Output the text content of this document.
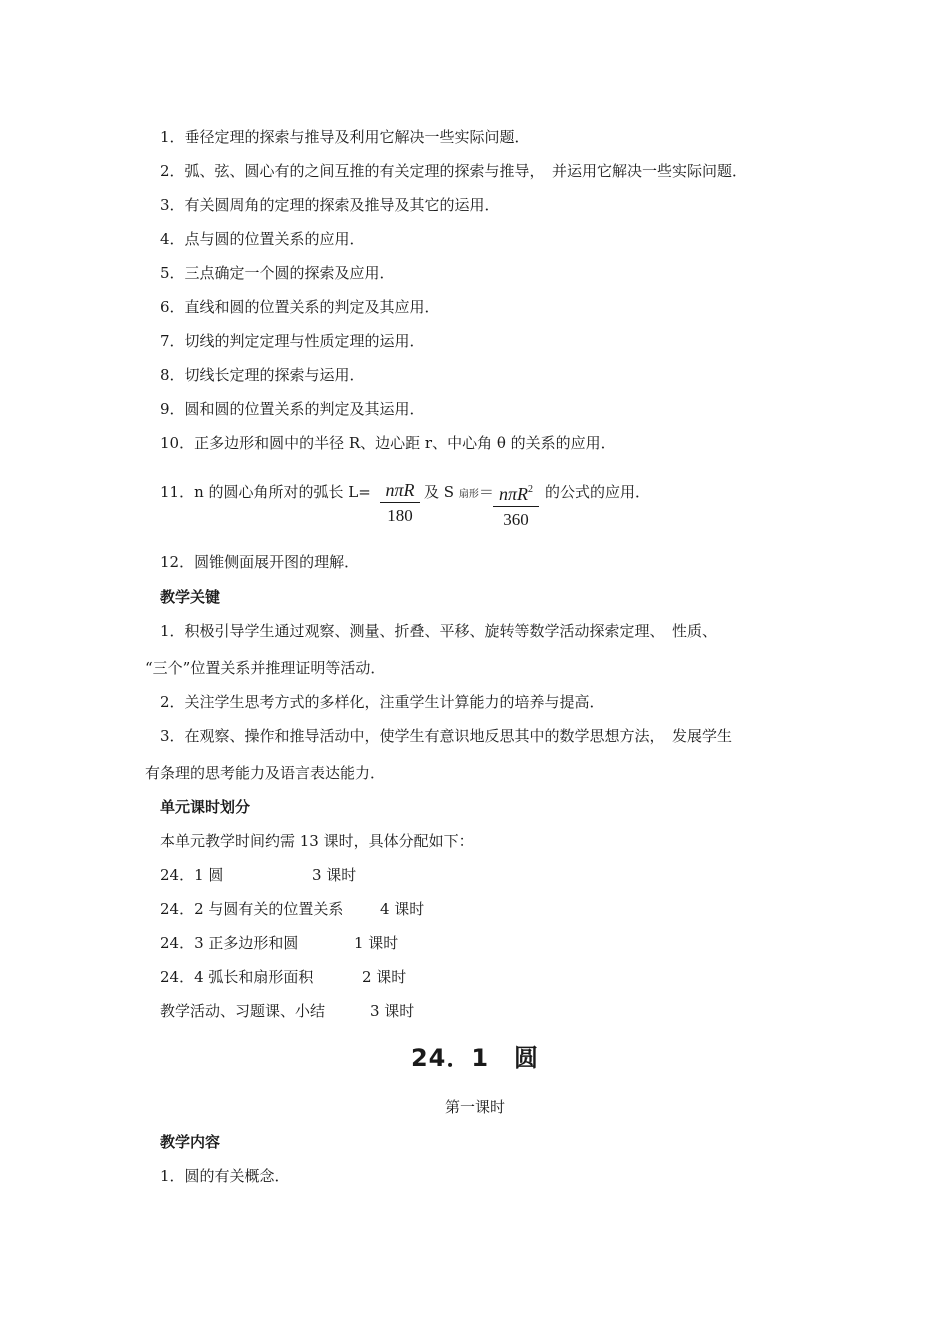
1．垂径定理的探索与推导及利用它解决一些实际问题．
2．弧、弦、圆心有的之间互推的有关定理的探索与推导，　并运用它解决一些实际问题．
3．有关圆周角的定理的探索及推导及其它的运用．
4．点与圆的位置关系的应用．
5．三点确定一个圆的探索及应用．
6．直线和圆的位置关系的判定及其应用．
7．切线的判定定理与性质定理的运用．
8．切线长定理的探索与运用．
9．圆和圆的位置关系的判定及其运用．
10．正多边形和圆中的半径 R、边心距 r、中心角 θ 的关系的应用．
11．n 的圆心角所对的弧长 L= nπR
180
及 S 扇形＝ nπR$^2$
360
的公式的应用．
12．圆锥侧面展开图的理解．
教学关键
1．积极引导学生通过观察、测量、折叠、平移、旋转等数学活动探索定理、　性质、
“三个”位置关系并推理证明等活动．
2．关注学生思考方式的多样化，注重学生计算能力的培养与提高．
3．在观察、操作和推导活动中，使学生有意识地反思其中的数学思想方法，　发展学生
有条理的思考能力及语言表达能力．
单元课时划分
本单元教学时间约需 13 课时，具体分配如下：
24．1 圆	3 课时
24．2 与圆有关的位置关系 4 课时
24．3 正多边形和圆	1 课时
24．4 弧长和扇形面积	2 课时
教学活动、习题课、小结	3 课时
24．1　圆
第一课时
教学内容
1．圆的有关概念．
